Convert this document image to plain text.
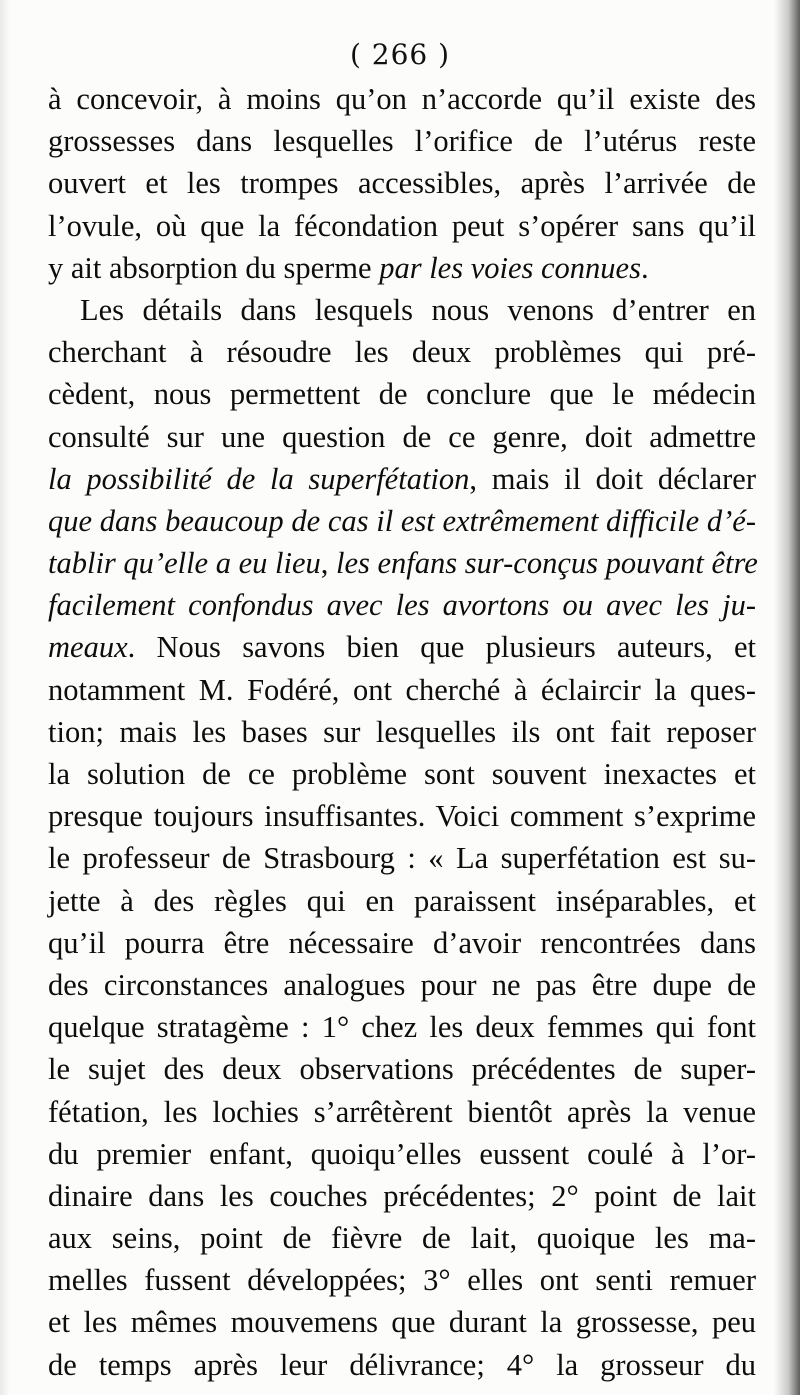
( 266 )
à concevoir, à moins qu’on n’accorde qu’il existe des
grossesses dans lesquelles l’orifice de l’utérus reste
ouvert et les trompes accessibles, après l’arrivée de
l’ovule, où que la fécondation peut s’opérer sans qu’il
y ait absorption du sperme par les voies connues.
Les détails dans lesquels nous venons d’entrer en
cherchant à résoudre les deux problèmes qui pré-
cèdent, nous permettent de conclure que le médecin
consulté sur une question de ce genre, doit admettre
la possibilité de la superfétation, mais il doit déclarer
que dans beaucoup de cas il est extrêmement difficile d’é-
tablir qu’elle a eu lieu, les enfans sur-conçus pouvant être
facilement confondus avec les avortons ou avec les ju-
meaux. Nous savons bien que plusieurs auteurs, et
notamment M. Fodéré, ont cherché à éclaircir la ques-
tion; mais les bases sur lesquelles ils ont fait reposer
la solution de ce problème sont souvent inexactes et
presque toujours insuffisantes. Voici comment s’exprime
le professeur de Strasbourg : « La superfétation est su-
jette à des règles qui en paraissent inséparables, et
qu’il pourra être nécessaire d’avoir rencontrées dans
des circonstances analogues pour ne pas être dupe de
quelque stratagème : 1° chez les deux femmes qui font
le sujet des deux observations précédentes de super-
fétation, les lochies s’arrêtèrent bientôt après la venue
du premier enfant, quoiqu’elles eussent coulé à l’or-
dinaire dans les couches précédentes; 2° point de lait
aux seins, point de fièvre de lait, quoique les ma-
melles fussent développées; 3° elles ont senti remuer
et les mêmes mouvemens que durant la grossesse, peu
de temps après leur délivrance; 4° la grosseur du
